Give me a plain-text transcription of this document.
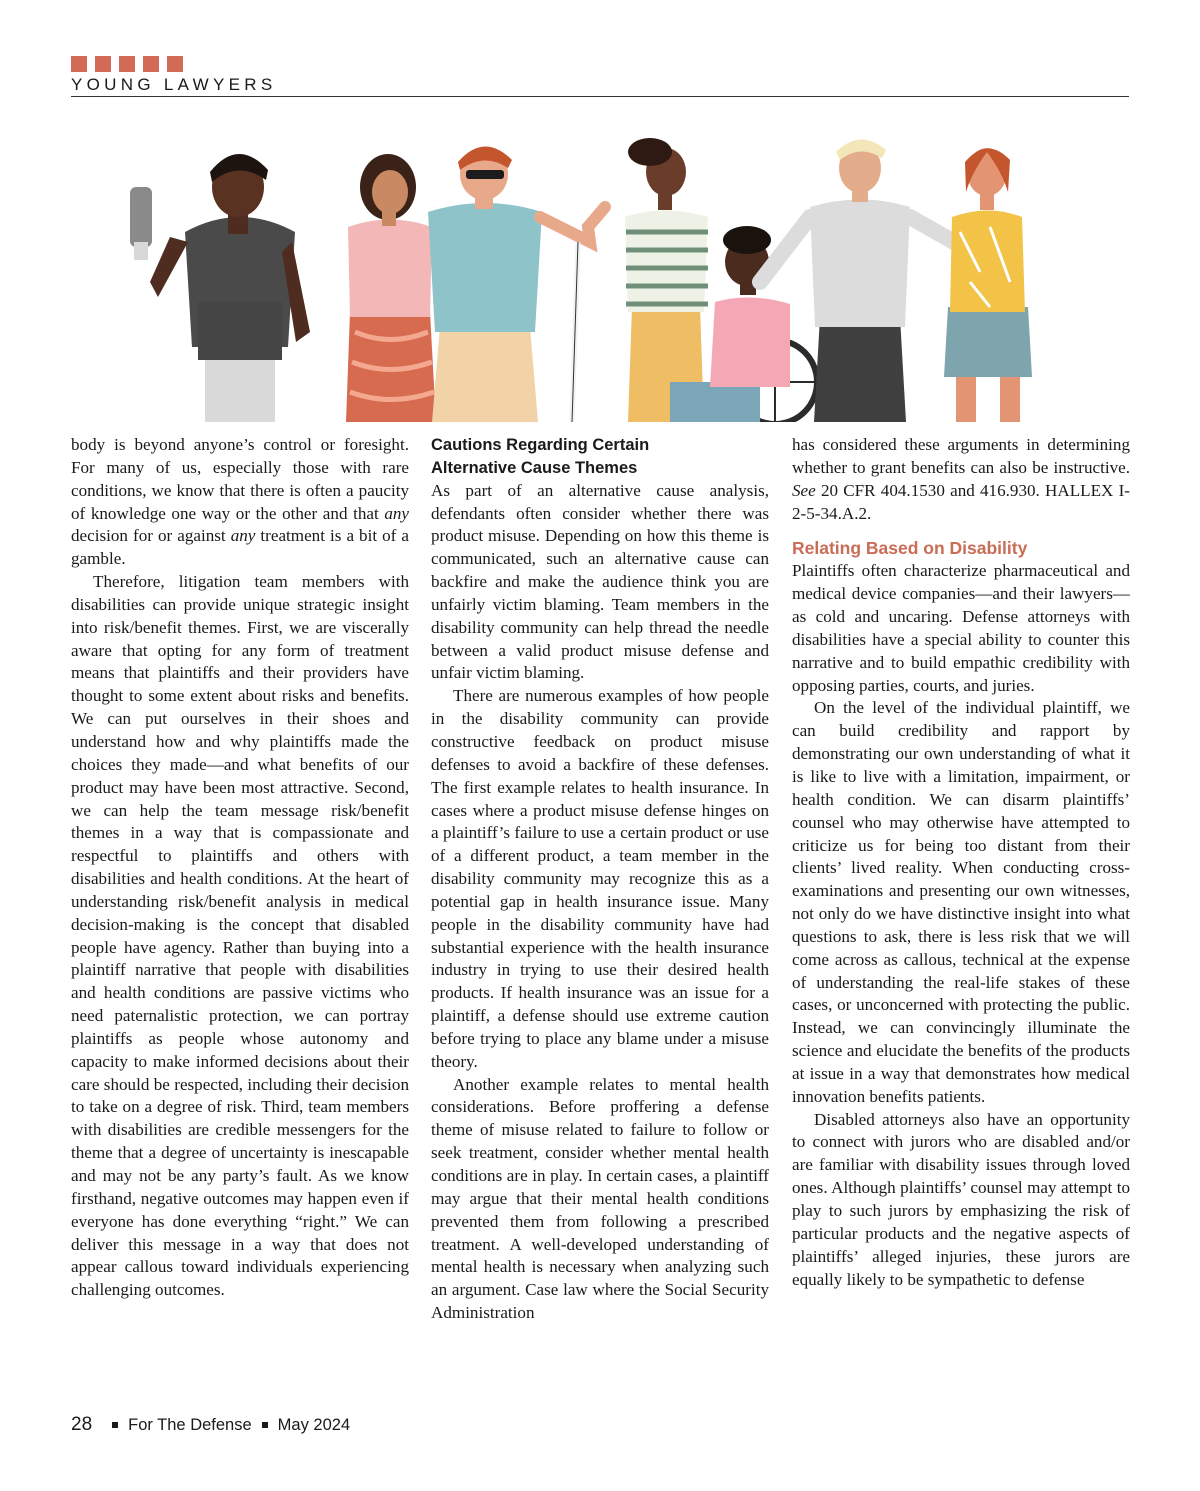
YOUNG LAWYERS

body is beyond anyone’s control or foresight. For many of us, especially those with rare conditions, we know that there is often a paucity of knowledge one way or the other and that any decision for or against any treatment is a bit of a gamble.

Therefore, litigation team members with disabilities can provide unique strategic insight into risk/benefit themes. First, we are viscerally aware that opting for any form of treatment means that plaintiffs and their providers have thought to some extent about risks and benefits. We can put ourselves in their shoes and understand how and why plaintiffs made the choices they made—and what benefits of our product may have been most attractive. Second, we can help the team message risk/benefit themes in a way that is compassionate and respectful to plaintiffs and others with disabilities and health conditions. At the heart of understanding risk/benefit analysis in medical decision-making is the concept that disabled people have agency. Rather than buying into a plaintiff narrative that people with disabilities and health conditions are passive victims who need paternalistic protection, we can portray plaintiffs as people whose autonomy and capacity to make informed decisions about their care should be respected, including their decision to take on a degree of risk. Third, team members with disabilities are credible messengers for the theme that a degree of uncertainty is inescapable and may not be any party’s fault. As we know firsthand, negative outcomes may happen even if everyone has done everything “right.” We can deliver this message in a way that does not appear callous toward individuals experiencing challenging outcomes.

Cautions Regarding Certain
Alternative Cause Themes

As part of an alternative cause analysis, defendants often consider whether there was product misuse. Depending on how this theme is communicated, such an alternative cause can backfire and make the audience think you are unfairly victim blaming. Team members in the disability community can help thread the needle between a valid product misuse defense and unfair victim blaming.

There are numerous examples of how people in the disability community can provide constructive feedback on product misuse defenses to avoid a backfire of these defenses. The first example relates to health insurance. In cases where a product misuse defense hinges on a plaintiff’s failure to use a certain product or use of a different product, a team member in the disability community may recognize this as a potential gap in health insurance issue. Many people in the disability community have had substantial experience with the health insurance industry in trying to use their desired health products. If health insurance was an issue for a plaintiff, a defense should use extreme caution before trying to place any blame under a misuse theory.

Another example relates to mental health considerations. Before proffering a defense theme of misuse related to failure to follow or seek treatment, consider whether mental health conditions are in play. In certain cases, a plaintiff may argue that their mental health conditions prevented them from following a prescribed treatment. A well-developed understanding of mental health is necessary when analyzing such an argument. Case law where the Social Security Administration

has considered these arguments in determining whether to grant benefits can also be instructive. See 20 CFR 404.1530 and 416.930. HALLEX I-2-5-34.A.2.

Relating Based on Disability

Plaintiffs often characterize pharmaceutical and medical device companies—and their lawyers—as cold and uncaring. Defense attorneys with disabilities have a special ability to counter this narrative and to build empathic credibility with opposing parties, courts, and juries.

On the level of the individual plaintiff, we can build credibility and rapport by demonstrating our own understanding of what it is like to live with a limitation, impairment, or health condition. We can disarm plaintiffs’ counsel who may otherwise have attempted to criticize us for being too distant from their clients’ lived reality. When conducting cross-examinations and presenting our own witnesses, not only do we have distinctive insight into what questions to ask, there is less risk that we will come across as callous, technical at the expense of understanding the real-life stakes of these cases, or unconcerned with protecting the public. Instead, we can convincingly illuminate the science and elucidate the benefits of the products at issue in a way that demonstrates how medical innovation benefits patients.

Disabled attorneys also have an opportunity to connect with jurors who are disabled and/or are familiar with disability issues through loved ones. Although plaintiffs’ counsel may attempt to play to such jurors by emphasizing the risk of particular products and the negative aspects of plaintiffs’ alleged injuries, these jurors are equally likely to be sympathetic to defense

28 For The Defense May 2024
